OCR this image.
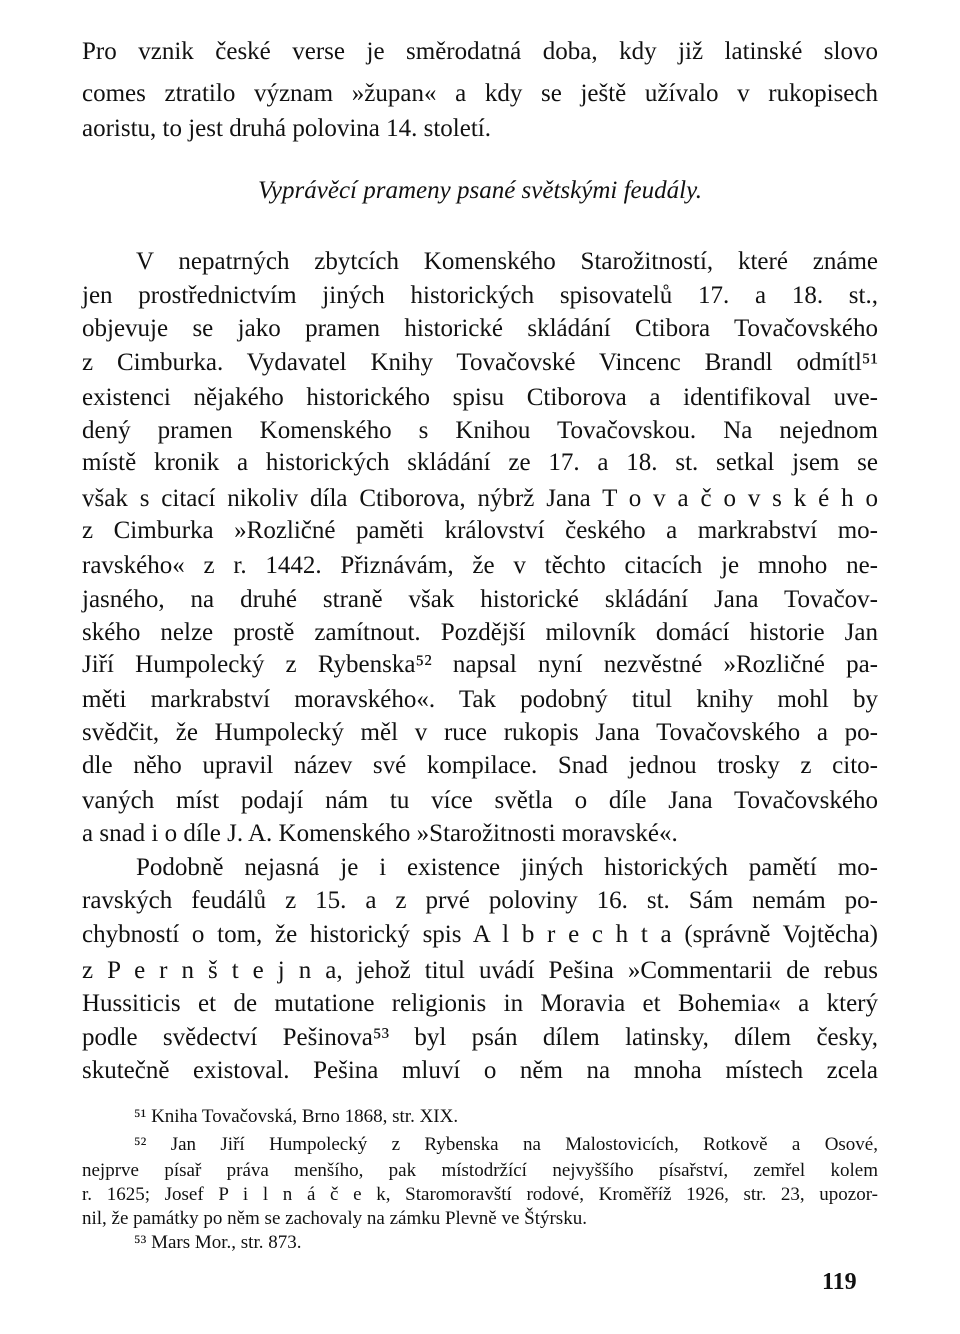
Pro vznik české verse je směrodatná doba, kdy již latinské slovo
comes ztratilo význam »župan« a kdy se ještě užívalo v rukopisech
aoristu, to jest druhá polovina 14. století.
Vyprávěcí prameny psané světskými feudály.
V nepatrných zbytcích Komenského Starožitností, které známe
jen prostřednictvím jiných historických spisovatelů 17. a 18. st.,
objevuje se jako pramen historické skládání Ctibora Tovačovského
z Cimburka. Vydavatel Knihy Tovačovské Vincenc Brandl odmítl⁵¹
existenci nějakého historického spisu Ctiborova a identifikoval uve-
dený pramen Komenského s Knihou Tovačovskou. Na nejednom
místě kronik a historických skládání ze 17. a 18. st. setkal jsem se
však s citací nikoliv díla Ctiborova, nýbrž Jana T o v a č o v s k é h o
z Cimburka »Rozličné paměti království českého a markrabství mo-
ravského« z r. 1442. Přiznávám, že v těchto citacích je mnoho ne-
jasného, na druhé straně však historické skládání Jana Tovačov-
ského nelze prostě zamítnout. Pozdější milovník domácí historie Jan
Jiří Humpolecký z Rybenska⁵² napsal nyní nezvěstné »Rozličné pa-
měti markrabství moravského«. Tak podobný titul knihy mohl by
svědčit, že Humpolecký měl v ruce rukopis Jana Tovačovského a po-
dle něho upravil název své kompilace. Snad jednou trosky z cito-
vaných míst podají nám tu více světla o díle Jana Tovačovského
a snad i o díle J. A. Komenského »Starožitnosti moravské«.
Podobně nejasná je i existence jiných historických pamětí mo-
ravských feudálů z 15. a z prvé poloviny 16. st. Sám nemám po-
chybností o tom, že historický spis A l b r e c h t a (správně Vojtěcha)
z P e r n š t e j n a, jehož titul uvádí Pešina »Commentarii de rebus
Hussiticis et de mutatione religionis in Moravia et Bohemia« a který
podle svědectví Pešinova⁵³ byl psán dílem latinsky, dílem česky,
skutečně existoval. Pešina mluví o něm na mnoha místech zcela
⁵¹ Kniha Tovačovská, Brno 1868, str. XIX.
⁵² Jan Jiří Humpolecký z Rybenska na Malostovicích, Rotkově a Osové,
nejprve písař práva menšího, pak místodržící nejvyššího písařství, zemřel kolem
r. 1625; Josef P i l n á č e k, Staromoravští rodové, Kroměříž 1926, str. 23, upozor-
nil, že památky po něm se zachovaly na zámku Plevně ve Štýrsku.
⁵³ Mars Mor., str. 873.
119
